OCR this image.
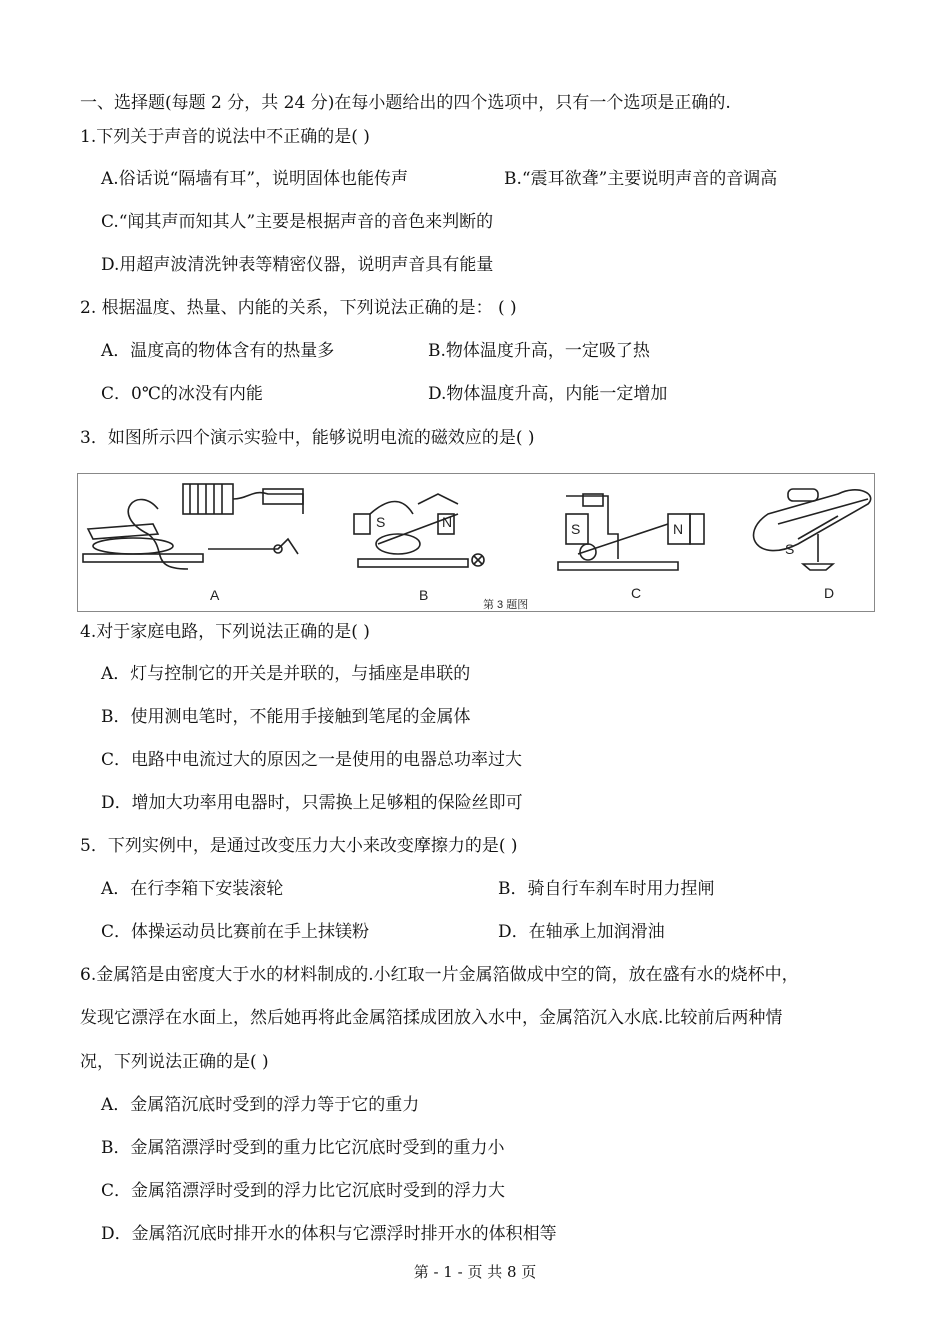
一、选择题(每题 2 分，共 24 分)在每小题给出的四个选项中，只有一个选项是正确的.
1.下列关于声音的说法中不正确的是( )
A.俗话说“隔墙有耳”，说明固体也能传声	B.“震耳欲聋”主要说明声音的音调高
C.“闻其声而知其人”主要是根据声音的音色来判断的
D.用超声波清洗钟表等精密仪器，说明声音具有能量
2. 根据温度、热量、内能的关系，下列说法正确的是： ( )
A．温度高的物体含有的热量多	B.物体温度升高，一定吸了热
C．0℃的冰没有内能	D.物体温度升高，内能一定增加
3．如图所示四个演示实验中，能够说明电流的磁效应的是( )
S	N	S	N
S
A	B	C	D
第 3 题图
4.对于家庭电路，下列说法正确的是( )
A．灯与控制它的开关是并联的，与插座是串联的
B．使用测电笔时，不能用手接触到笔尾的金属体
C．电路中电流过大的原因之一是使用的电器总功率过大
D．增加大功率用电器时，只需换上足够粗的保险丝即可
5．下列实例中，是通过改变压力大小来改变摩擦力的是( )
A．在行李箱下安装滚轮	B．骑自行车刹车时用力捏闸
C．体操运动员比赛前在手上抹镁粉	D．在轴承上加润滑油
6.金属箔是由密度大于水的材料制成的.小红取一片金属箔做成中空的筒，放在盛有水的烧杯中，
发现它漂浮在水面上，然后她再将此金属箔揉成团放入水中，金属箔沉入水底.比较前后两种情
况，下列说法正确的是( )
A．金属箔沉底时受到的浮力等于它的重力
B．金属箔漂浮时受到的重力比它沉底时受到的重力小
C．金属箔漂浮时受到的浮力比它沉底时受到的浮力大
D．金属箔沉底时排开水的体积与它漂浮时排开水的体积相等
第 - 1 - 页 共 8 页
